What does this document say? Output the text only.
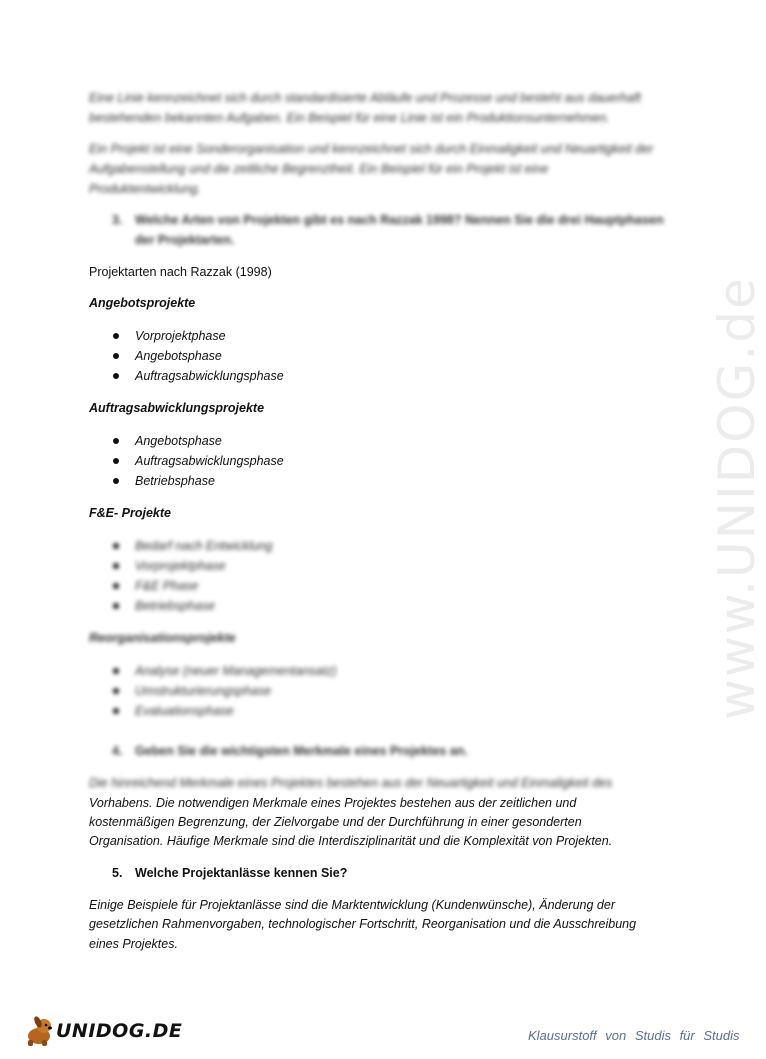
Eine Linie kennzeichnet sich durch standardisierte Abläufe und Prozesse und besteht aus dauerhaft
bestehenden bekannten Aufgaben. Ein Beispiel für eine Linie ist ein Produktionsunternehmen.
Ein Projekt ist eine Sonderorganisation und kennzeichnet sich durch Einmaligkeit und Neuartigkeit der
Aufgabenstellung und die zeitliche Begrenztheit. Ein Beispiel für ein Projekt ist eine
Produktentwicklung.
3. Welche Arten von Projekten gibt es nach Razzak 1998? Nennen Sie die drei Hauptphasen
der Projektarten.
Projektarten nach Razzak (1998)
Angebotsprojekte
Vorprojektphase
Angebotsphase
Auftragsabwicklungsphase
Auftragsabwicklungsprojekte
Angebotsphase
Auftragsabwicklungsphase
Betriebsphase
F&E- Projekte
Bedarf nach Entwicklung
Vorprojektphase
F&E Phase
Betriebsphase
Reorganisationsprojekte
Analyse (neuer Managementansatz)
Umstrukturierungsphase
Evaluationsphase
4. Geben Sie die wichtigsten Merkmale eines Projektes an.
Die hinreichend Merkmale eines Projektes bestehen aus der Neuartigkeit und Einmaligkeit des
Vorhabens. Die notwendigen Merkmale eines Projektes bestehen aus der zeitlichen und
kostenmäßigen Begrenzung, der Zielvorgabe und der Durchführung in einer gesonderten
Organisation. Häufige Merkmale sind die Interdisziplinarität und die Komplexität von Projekten.
5. Welche Projektanlässe kennen Sie?
Einige Beispiele für Projektanlässe sind die Marktentwicklung (Kundenwünsche), Änderung der
gesetzlichen Rahmenvorgaben, technologischer Fortschritt, Reorganisation und die Ausschreibung
eines Projektes.
www.UNIDOG.de
UNIDOG.DE	Klausurstoff von Studis für Studis
